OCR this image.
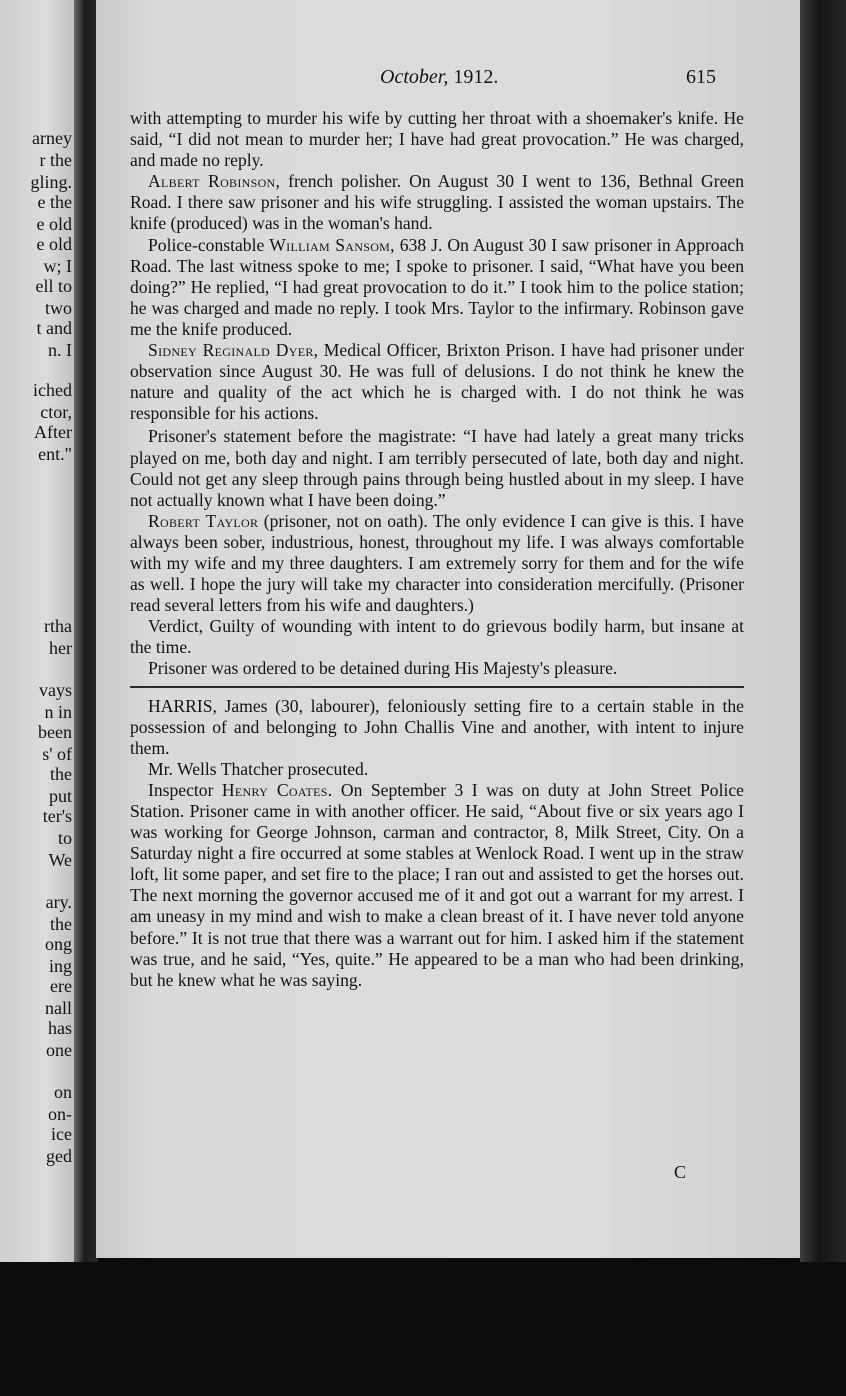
arney
r the
gling.
e the
e old
e old
w; I
ell to
two
t and
n. I
iched
ctor,
After
ent."
rtha
her
vays
n in
been
s' of
the
put
ter's
to
We
ary.
the
ong
ing
ere
nall
has
one
on
on-
ice
ged
October, 1912.	615

with attempting to murder his wife by cutting her throat with a shoemaker's knife. He said, “I did not mean to murder her; I have had great provocation.” He was charged, and made no reply.

Albert Robinson, french polisher. On August 30 I went to 136, Bethnal Green Road. I there saw prisoner and his wife struggling. I assisted the woman upstairs. The knife (produced) was in the woman's hand.

Police-constable William Sansom, 638 J. On August 30 I saw prisoner in Approach Road. The last witness spoke to me; I spoke to prisoner. I said, “What have you been doing?” He replied, “I had great provocation to do it.” I took him to the police station; he was charged and made no reply. I took Mrs. Taylor to the infirmary. Robinson gave me the knife produced.

Sidney Reginald Dyer, Medical Officer, Brixton Prison. I have had prisoner under observation since August 30. He was full of delusions. I do not think he knew the nature and quality of the act which he is charged with. I do not think he was responsible for his actions.

Prisoner's statement before the magistrate: “I have had lately a great many tricks played on me, both day and night. I am terribly persecuted of late, both day and night. Could not get any sleep through pains through being hustled about in my sleep. I have not actually known what I have been doing.”

Robert Taylor (prisoner, not on oath). The only evidence I can give is this. I have always been sober, industrious, honest, throughout my life. I was always comfortable with my wife and my three daughters. I am extremely sorry for them and for the wife as well. I hope the jury will take my character into consideration mercifully. (Prisoner read several letters from his wife and daughters.)

Verdict, Guilty of wounding with intent to do grievous bodily harm, but insane at the time.

Prisoner was ordered to be detained during His Majesty's pleasure.

HARRIS, James (30, labourer), feloniously setting fire to a certain stable in the possession of and belonging to John Challis Vine and another, with intent to injure them.

Mr. Wells Thatcher prosecuted.

Inspector Henry Coates. On September 3 I was on duty at John Street Police Station. Prisoner came in with another officer. He said, “About five or six years ago I was working for George Johnson, carman and contractor, 8, Milk Street, City. On a Saturday night a fire occurred at some stables at Wenlock Road. I went up in the straw loft, lit some paper, and set fire to the place; I ran out and assisted to get the horses out. The next morning the governor accused me of it and got out a warrant for my arrest. I am uneasy in my mind and wish to make a clean breast of it. I have never told anyone before.” It is not true that there was a warrant out for him. I asked him if the statement was true, and he said, “Yes, quite.” He appeared to be a man who had been drinking, but he knew what he was saying.

C
